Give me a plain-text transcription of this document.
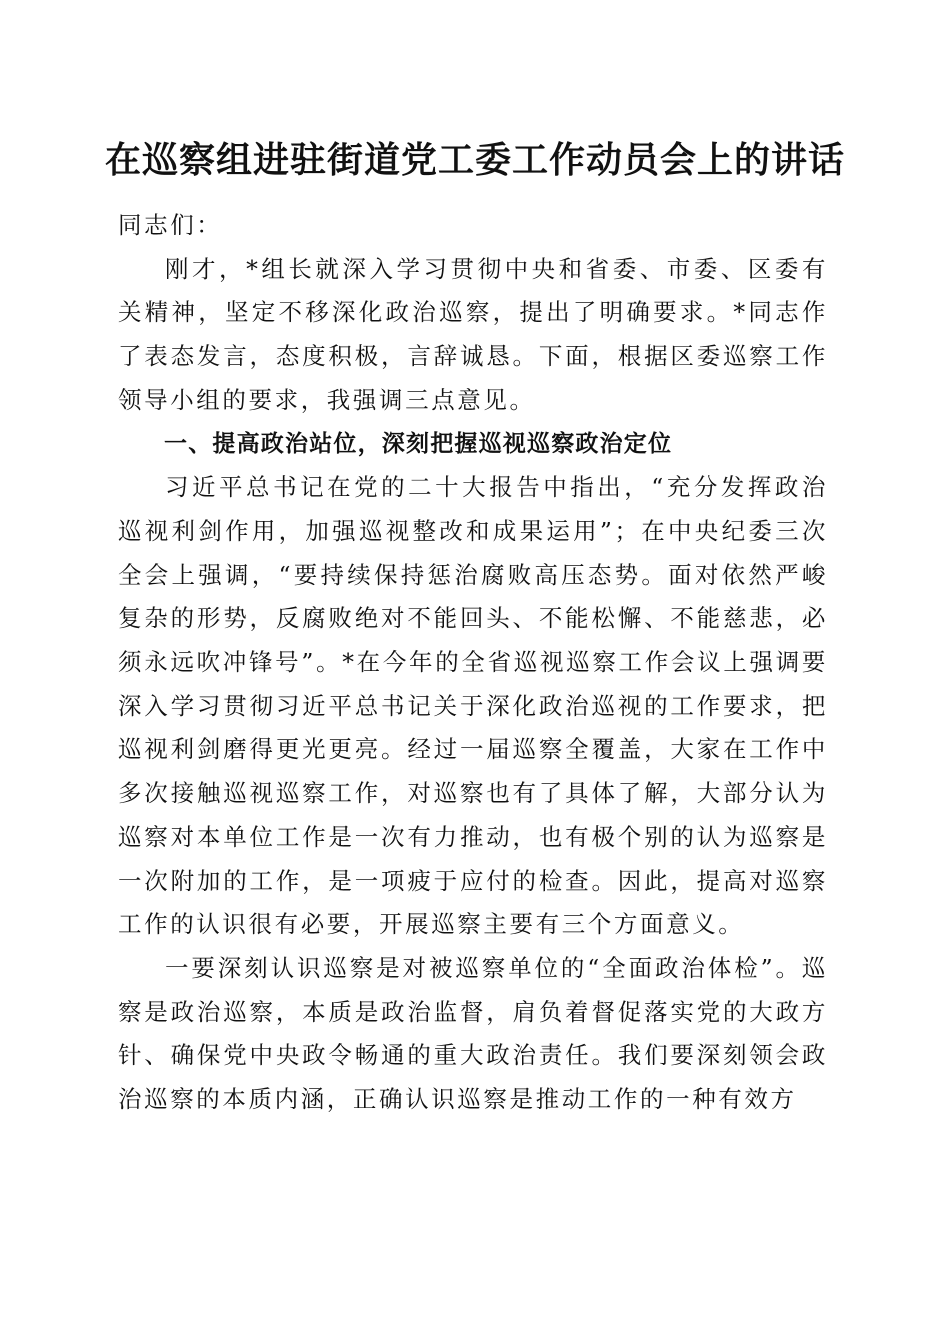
在巡察组进驻街道党工委工作动员会上的讲话

同志们：

刚才，*组长就深入学习贯彻中央和省委、市委、区委有关精神，坚定不移深化政治巡察，提出了明确要求。*同志作了表态发言，态度积极，言辞诚恳。下面，根据区委巡察工作领导小组的要求，我强调三点意见。

一、提高政治站位，深刻把握巡视巡察政治定位

习近平总书记在党的二十大报告中指出，“充分发挥政治巡视利剑作用，加强巡视整改和成果运用”；在中央纪委三次全会上强调，“要持续保持惩治腐败高压态势。面对依然严峻复杂的形势，反腐败绝对不能回头、不能松懈、不能慈悲，必须永远吹冲锋号”。*在今年的全省巡视巡察工作会议上强调要深入学习贯彻习近平总书记关于深化政治巡视的工作要求，把巡视利剑磨得更光更亮。经过一届巡察全覆盖，大家在工作中多次接触巡视巡察工作，对巡察也有了具体了解，大部分认为巡察对本单位工作是一次有力推动，也有极个别的认为巡察是一次附加的工作，是一项疲于应付的检查。因此，提高对巡察工作的认识很有必要，开展巡察主要有三个方面意义。

一要深刻认识巡察是对被巡察单位的“全面政治体检”。巡察是政治巡察，本质是政治监督，肩负着督促落实党的大政方针、确保党中央政令畅通的重大政治责任。我们要深刻领会政治巡察的本质内涵，正确认识巡察是推动工作的一种有效方
